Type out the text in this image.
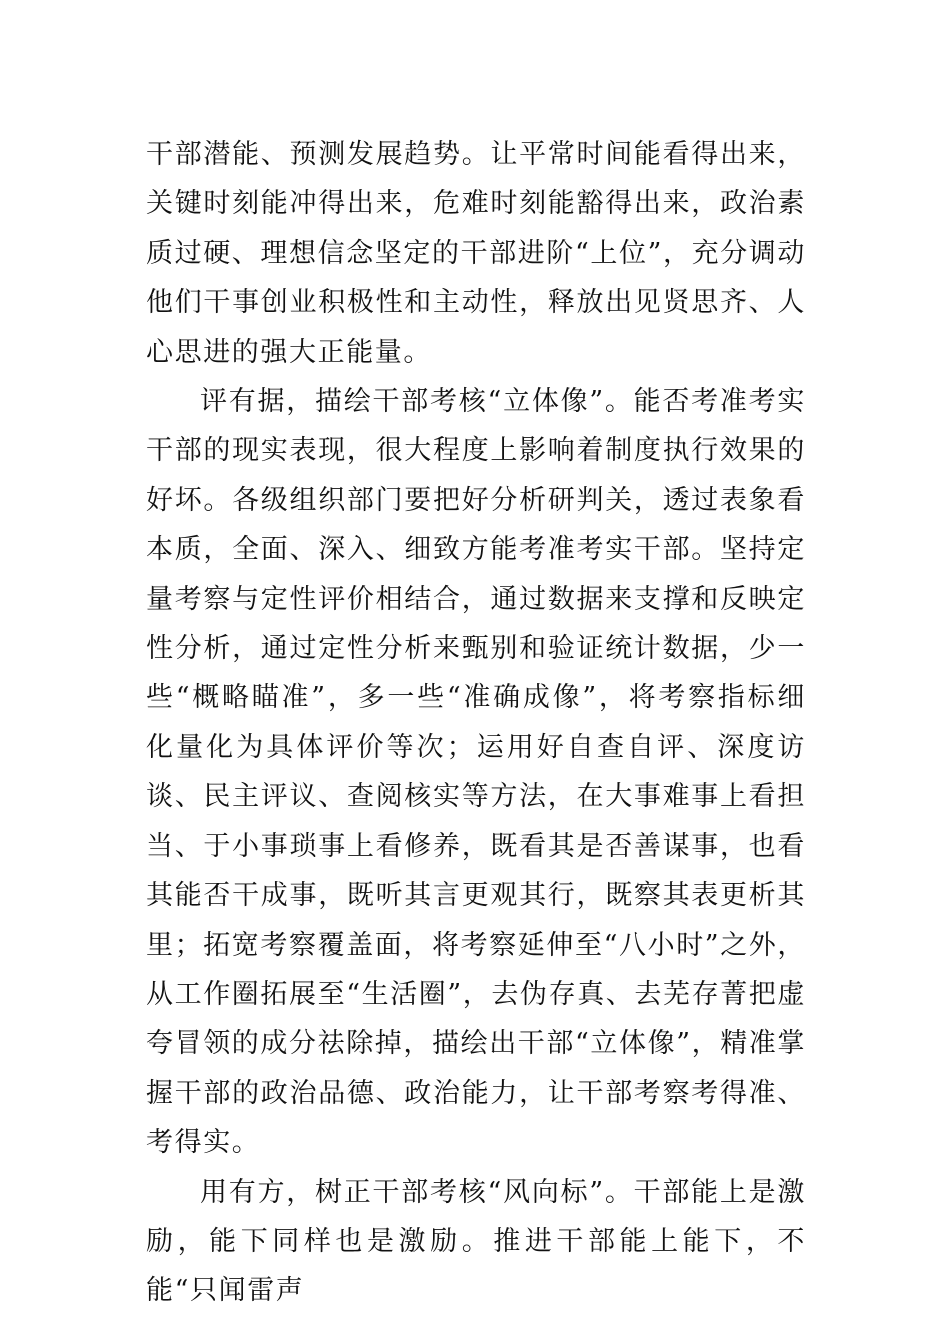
干部潜能、预测发展趋势。让平常时间能看得出来，关键时刻能冲得出来，危难时刻能豁得出来，政治素质过硬、理想信念坚定的干部进阶“上位”，充分调动他们干事创业积极性和主动性，释放出见贤思齐、人心思进的强大正能量。

评有据，描绘干部考核“立体像”。能否考准考实干部的现实表现，很大程度上影响着制度执行效果的好坏。各级组织部门要把好分析研判关，透过表象看本质，全面、深入、细致方能考准考实干部。坚持定量考察与定性评价相结合，通过数据来支撑和反映定性分析，通过定性分析来甄别和验证统计数据，少一些“概略瞄准”，多一些“准确成像”，将考察指标细化量化为具体评价等次；运用好自查自评、深度访谈、民主评议、查阅核实等方法，在大事难事上看担当、于小事琐事上看修养，既看其是否善谋事，也看其能否干成事，既听其言更观其行，既察其表更析其里；拓宽考察覆盖面，将考察延伸至“八小时”之外，从工作圈拓展至“生活圈”，去伪存真、去芜存菁把虚夸冒领的成分祛除掉，描绘出干部“立体像”，精准掌握干部的政治品德、政治能力，让干部考察考得准、考得实。

用有方，树正干部考核“风向标”。干部能上是激励，能下同样也是激励。推进干部能上能下，不能“只闻雷声
